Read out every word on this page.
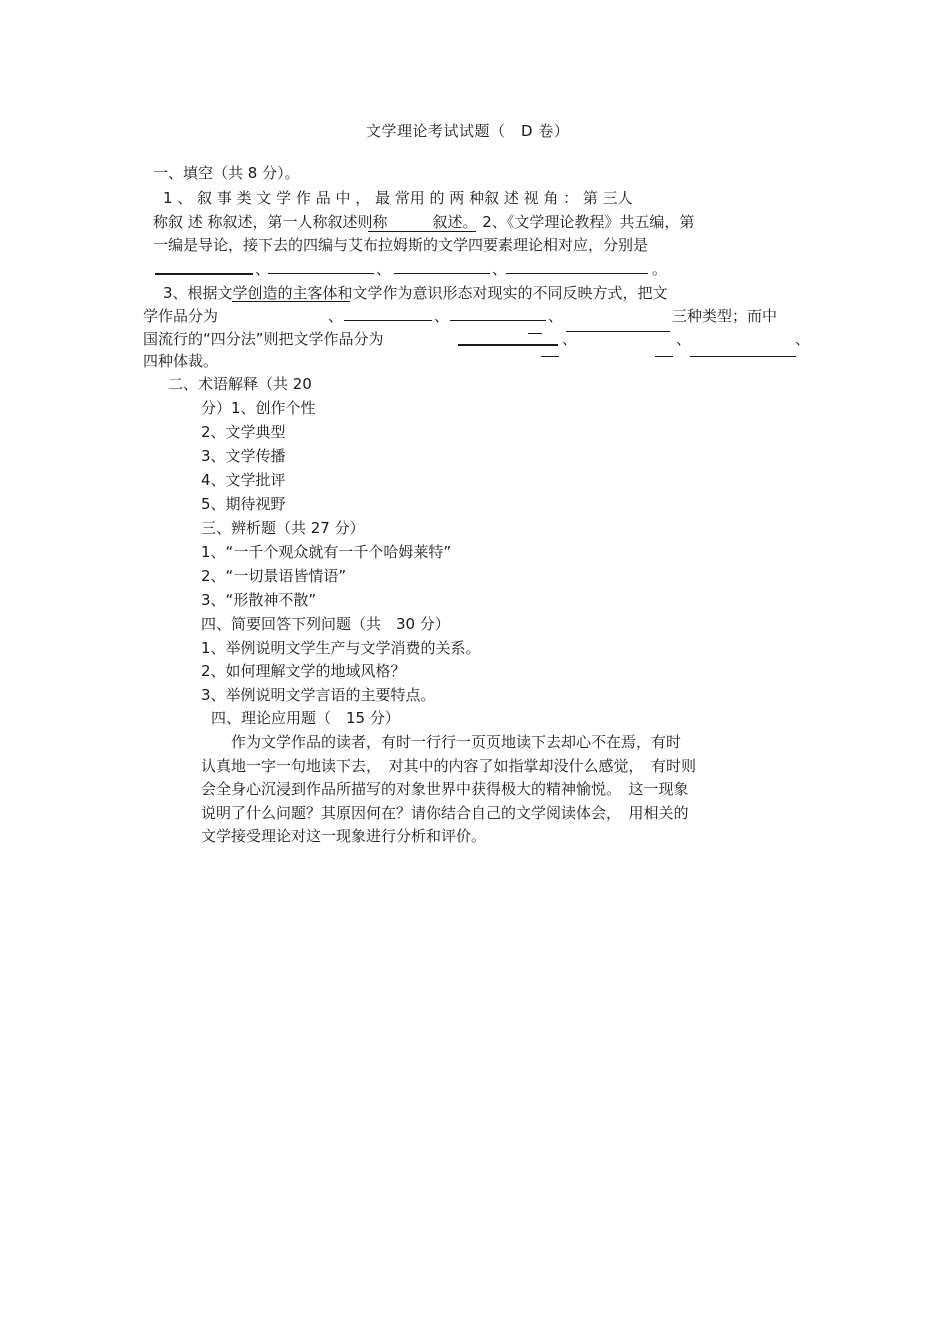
文学理论考试试题（　D 卷）
一、填空（共 8 分）。
1 、 叙 事 类 文 学 作 品 中 ， 最 常用 的 两 种叙 述 视 角 ： 第 三人
称叙 述 称叙述，第一人称叙述则称　　　叙述。 2、《文学理论教程》共五编，第
一编是导论，接下去的四编与艾布拉姆斯的文学四要素理论相对应，分别是
、	、	、	。
3、根据文学创造的主客体和文学作为意识形态对现实的不同反映方式，把文
学作品分为	、	、	、	三种类型；而中
国流行的“四分法”则把文学作品分为	、	、	、
四种体裁。
二、术语解释（共 20
分）1、创作个性
2、文学典型
3、文学传播
4、文学批评
5、期待视野
三、辨析题（共 27 分）
1、“一千个观众就有一千个哈姆莱特”
2、“一切景语皆情语”
3、“形散神不散”
四、简要回答下列问题（共　30 分）
1、举例说明文学生产与文学消费的关系。
2、如何理解文学的地域风格？
3、举例说明文学言语的主要特点。
四、理论应用题（　15 分）
作为文学作品的读者，有时一行行一页页地读下去却心不在焉，有时
认真地一字一句地读下去，　对其中的内容了如指掌却没什么感觉，　有时则
会全身心沉浸到作品所描写的对象世界中获得极大的精神愉悦。　这一现象
说明了什么问题？其原因何在？请你结合自己的文学阅读体会，　用相关的
文学接受理论对这一现象进行分析和评价。
